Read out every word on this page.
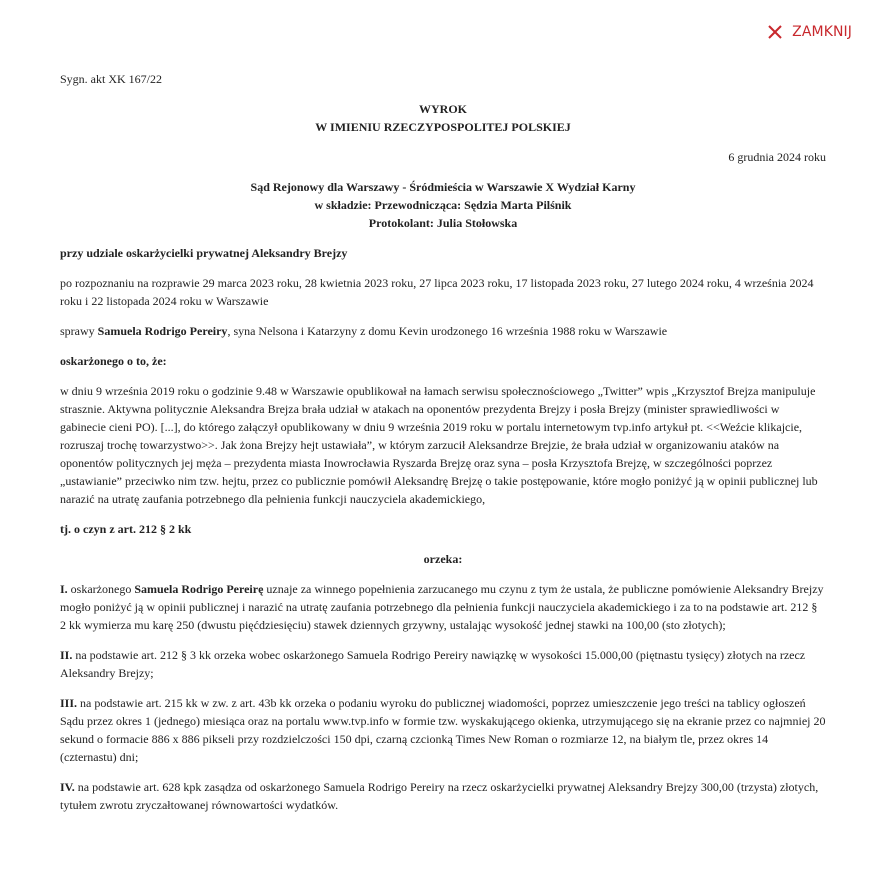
ZAMKNIJ

Sygn. akt XK 167/22

WYROK
W IMIENIU RZECZYPOSPOLITEJ POLSKIEJ

6 grudnia 2024 roku

Sąd Rejonowy dla Warszawy - Śródmieścia w Warszawie X Wydział Karny
w składzie: Przewodnicząca: Sędzia Marta Pilśnik
Protokolant: Julia Stołowska

przy udziale oskarżycielki prywatnej Aleksandry Brejzy

po rozpoznaniu na rozprawie 29 marca 2023 roku, 28 kwietnia 2023 roku, 27 lipca 2023 roku, 17 listopada 2023 roku, 27 lutego 2024 roku, 4 września 2024 roku i 22 listopada 2024 roku w Warszawie

sprawy Samuela Rodrigo Pereiry, syna Nelsona i Katarzyny z domu Kevin urodzonego 16 września 1988 roku w Warszawie

oskarżonego o to, że:

w dniu 9 września 2019 roku o godzinie 9.48 w Warszawie opublikował na łamach serwisu społecznościowego „Twitter” wpis „Krzysztof Brejza manipuluje strasznie. Aktywna politycznie Aleksandra Brejza brała udział w atakach na oponentów prezydenta Brejzy i posła Brejzy (minister sprawiedliwości w gabinecie cieni PO). [...], do którego załączył opublikowany w dniu 9 września 2019 roku w portalu internetowym tvp.info artykuł pt. <<Weźcie klikajcie, rozruszaj trochę towarzystwo>>. Jak żona Brejzy hejt ustawiała”, w którym zarzucił Aleksandrze Brejzie, że brała udział w organizowaniu ataków na oponentów politycznych jej męża – prezydenta miasta Inowrocławia Ryszarda Brejzę oraz syna – posła Krzysztofa Brejzę, w szczególności poprzez „ustawianie” przeciwko nim tzw. hejtu, przez co publicznie pomówił Aleksandrę Brejzę o takie postępowanie, które mogło poniżyć ją w opinii publicznej lub narazić na utratę zaufania potrzebnego dla pełnienia funkcji nauczyciela akademickiego,

tj. o czyn z art. 212 § 2 kk

orzeka:

I. oskarżonego Samuela Rodrigo Pereirę uznaje za winnego popełnienia zarzucanego mu czynu z tym że ustala, że publiczne pomówienie Aleksandry Brejzy mogło poniżyć ją w opinii publicznej i narazić na utratę zaufania potrzebnego dla pełnienia funkcji nauczyciela akademickiego i za to na podstawie art. 212 § 2 kk wymierza mu karę 250 (dwustu pięćdziesięciu) stawek dziennych grzywny, ustalając wysokość jednej stawki na 100,00 (sto złotych);

II. na podstawie art. 212 § 3 kk orzeka wobec oskarżonego Samuela Rodrigo Pereiry nawiązkę w wysokości 15.000,00 (piętnastu tysięcy) złotych na rzecz Aleksandry Brejzy;

III. na podstawie art. 215 kk w zw. z art. 43b kk orzeka o podaniu wyroku do publicznej wiadomości, poprzez umieszczenie jego treści na tablicy ogłoszeń Sądu przez okres 1 (jednego) miesiąca oraz na portalu www.tvp.info w formie tzw. wyskakującego okienka, utrzymującego się na ekranie przez co najmniej 20 sekund o formacie 886 x 886 pikseli przy rozdzielczości 150 dpi, czarną czcionką Times New Roman o rozmiarze 12, na białym tle, przez okres 14 (czternastu) dni;

IV. na podstawie art. 628 kpk zasądza od oskarżonego Samuela Rodrigo Pereiry na rzecz oskarżycielki prywatnej Aleksandry Brejzy 300,00 (trzysta) złotych, tytułem zwrotu zryczałtowanej równowartości wydatków.
